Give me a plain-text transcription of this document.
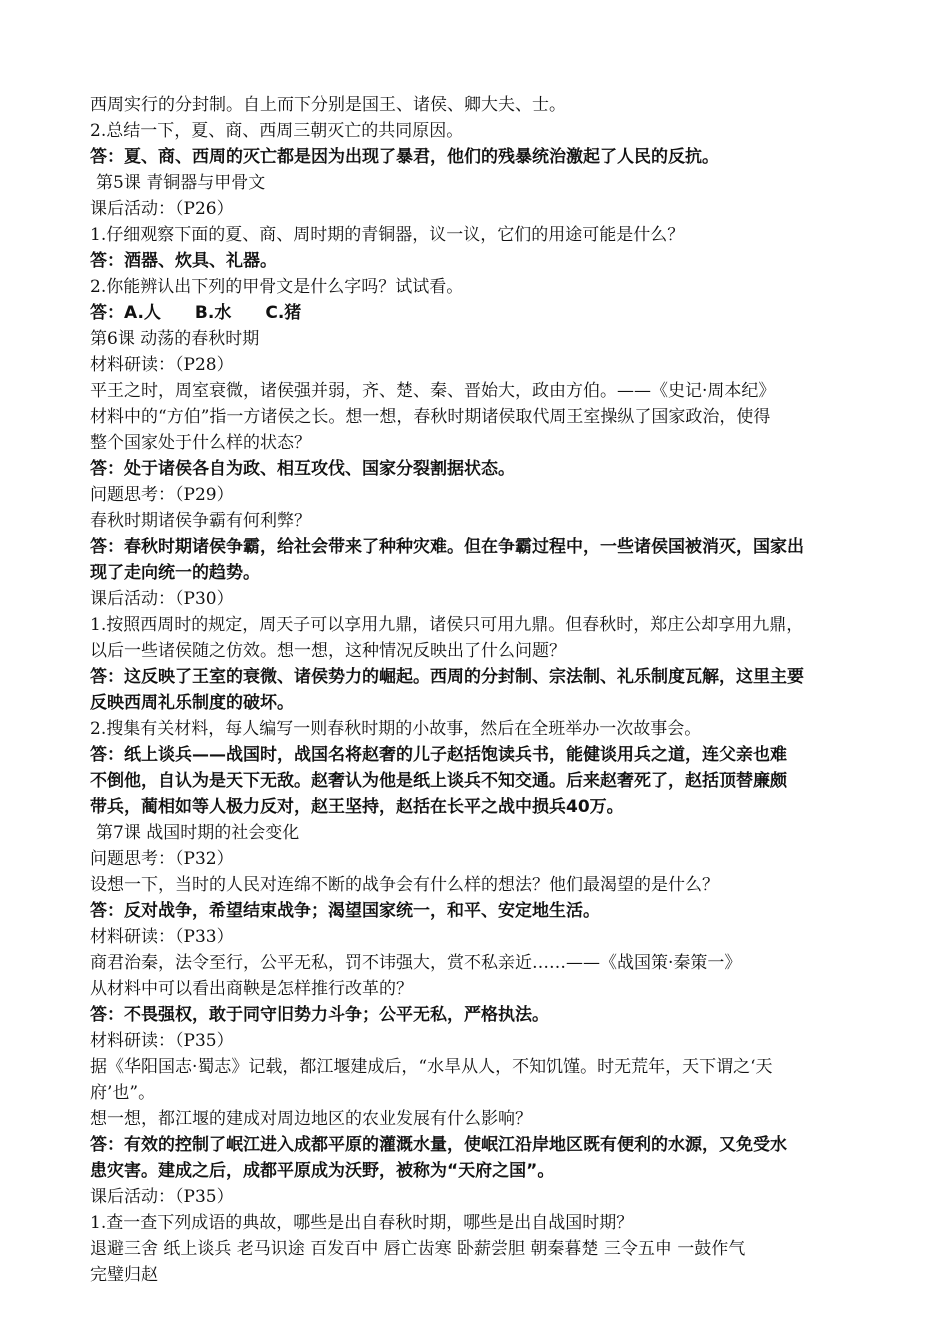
西周实行的分封制。自上而下分别是国王、诸侯、卿大夫、士。
2.总结一下，夏、商、西周三朝灭亡的共同原因。
答：夏、商、西周的灭亡都是因为出现了暴君，他们的残暴统治激起了人民的反抗。
第5课 青铜器与甲骨文
课后活动：（P26）
1.仔细观察下面的夏、商、周时期的青铜器，议一议，它们的用途可能是什么？
答：酒器、炊具、礼器。
2.你能辨认出下列的甲骨文是什么字吗？试试看。
答：A.人　　B.水　　C.猪
第6课 动荡的春秋时期
材料研读：（P28）
平王之时，周室衰微，诸侯强并弱，齐、楚、秦、晋始大，政由方伯。——《史记·周本纪》
材料中的“方伯”指一方诸侯之长。想一想，春秋时期诸侯取代周王室操纵了国家政治，使得
整个国家处于什么样的状态？
答：处于诸侯各自为政、相互攻伐、国家分裂割据状态。
问题思考：（P29）
春秋时期诸侯争霸有何利弊？
答：春秋时期诸侯争霸，给社会带来了种种灾难。但在争霸过程中，一些诸侯国被消灭，国家出
现了走向统一的趋势。
课后活动：（P30）
1.按照西周时的规定，周天子可以享用九鼎，诸侯只可用九鼎。但春秋时，郑庄公却享用九鼎，
以后一些诸侯随之仿效。想一想，这种情况反映出了什么问题？
答：这反映了王室的衰微、诸侯势力的崛起。西周的分封制、宗法制、礼乐制度瓦解，这里主要
反映西周礼乐制度的破坏。
2.搜集有关材料，每人编写一则春秋时期的小故事，然后在全班举办一次故事会。
答：纸上谈兵——战国时，战国名将赵奢的儿子赵括饱读兵书，能健谈用兵之道，连父亲也难
不倒他，自认为是天下无敌。赵奢认为他是纸上谈兵不知交通。后来赵奢死了，赵括顶替廉颇
带兵，蔺相如等人极力反对，赵王坚持，赵括在长平之战中损兵40万。
第7课 战国时期的社会变化
问题思考：（P32）
设想一下，当时的人民对连绵不断的战争会有什么样的想法？他们最渴望的是什么？
答：反对战争，希望结束战争；渴望国家统一，和平、安定地生活。
材料研读：（P33）
商君治秦，法令至行，公平无私，罚不讳强大，赏不私亲近……——《战国策·秦策一》
从材料中可以看出商鞅是怎样推行改革的？
答：不畏强权，敢于同守旧势力斗争；公平无私，严格执法。
材料研读：（P35）
据《华阳国志·蜀志》记载，都江堰建成后，“水旱从人，不知饥馑。时无荒年，天下谓之‘天
府’也”。
想一想，都江堰的建成对周边地区的农业发展有什么影响？
答：有效的控制了岷江进入成都平原的灌溉水量，使岷江沿岸地区既有便利的水源，又免受水
患灾害。建成之后，成都平原成为沃野，被称为“天府之国”。
课后活动：（P35）
1.查一查下列成语的典故，哪些是出自春秋时期，哪些是出自战国时期？
退避三舍 纸上谈兵 老马识途 百发百中 唇亡齿寒 卧薪尝胆 朝秦暮楚 三令五申 一鼓作气
完璧归赵
